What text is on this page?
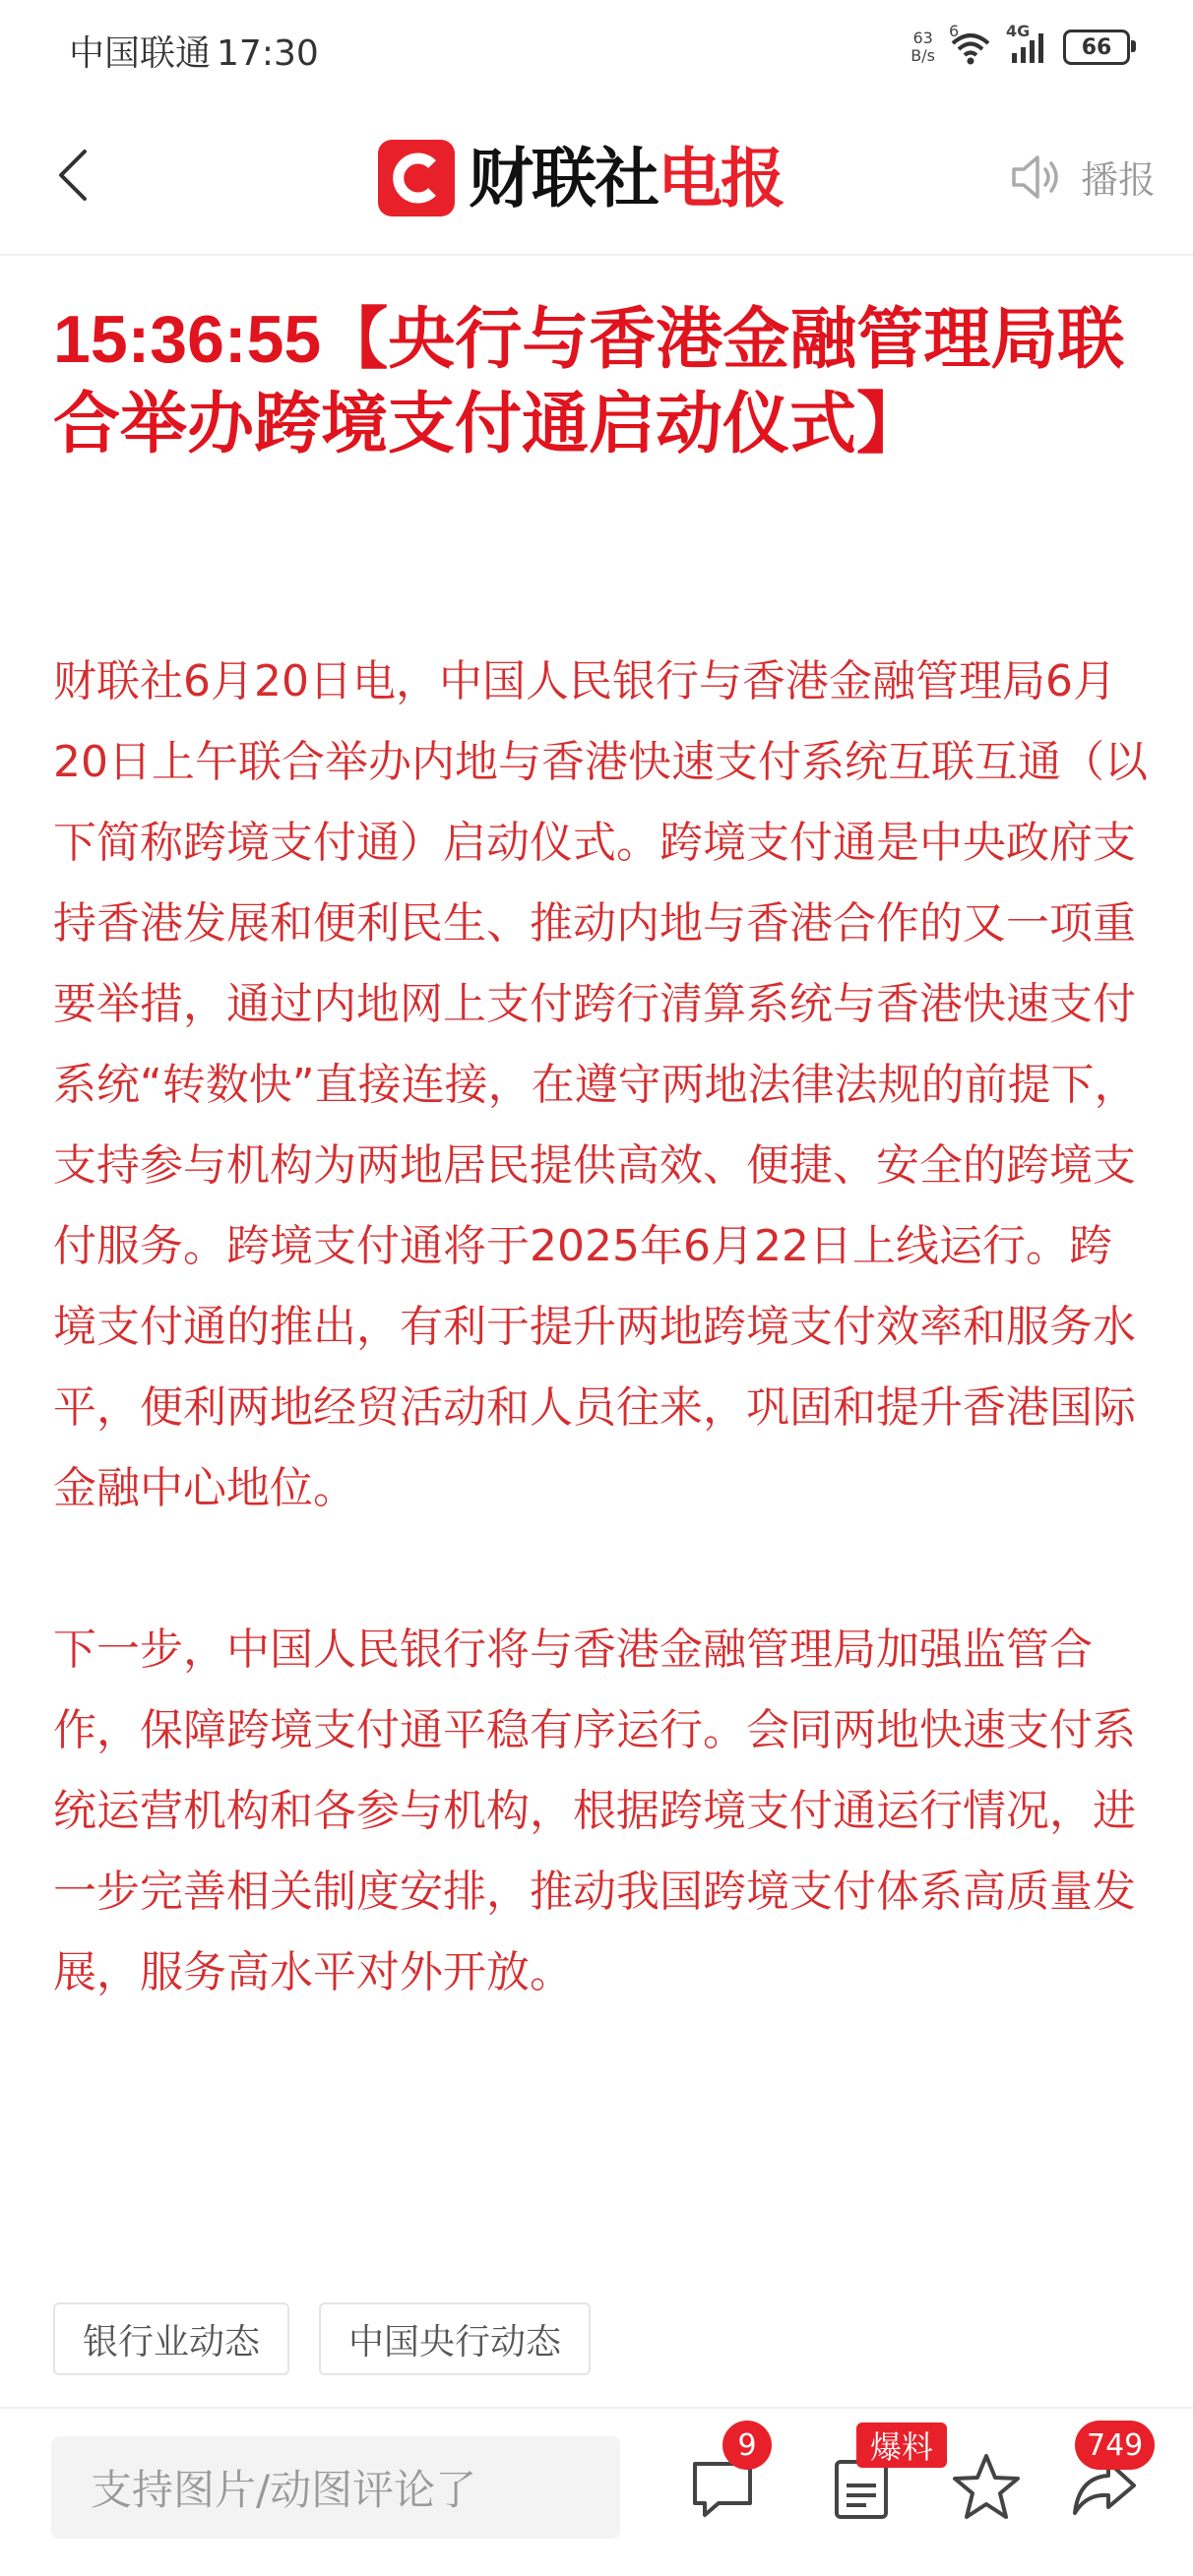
中国联通 17:30	63
B/s
6	4G
66
财联社电报	播报
15:36:55【央行与香港金融管理局联合举办跨境支付通启动仪式】

财联社6月20日电，中国人民银行与香港金融管理局6月20日上午联合举办内地与香港快速支付系统互联互通（以下简称跨境支付通）启动仪式。跨境支付通是中央政府支持香港发展和便利民生、推动内地与香港合作的又一项重要举措，通过内地网上支付跨行清算系统与香港快速支付系统“转数快”直接连接，在遵守两地法律法规的前提下，支持参与机构为两地居民提供高效、便捷、安全的跨境支付服务。跨境支付通将于2025年6月22日上线运行。跨境支付通的推出，有利于提升两地跨境支付效率和服务水平，便利两地经贸活动和人员往来，巩固和提升香港国际金融中心地位。

下一步，中国人民银行将与香港金融管理局加强监管合作，保障跨境支付通平稳有序运行。会同两地快速支付系统运营机构和各参与机构，根据跨境支付通运行情况，进一步完善相关制度安排，推动我国跨境支付体系高质量发展，服务高水平对外开放。

银行业动态	中国央行动态
支持图片/动图评论了
9	爆料	749
